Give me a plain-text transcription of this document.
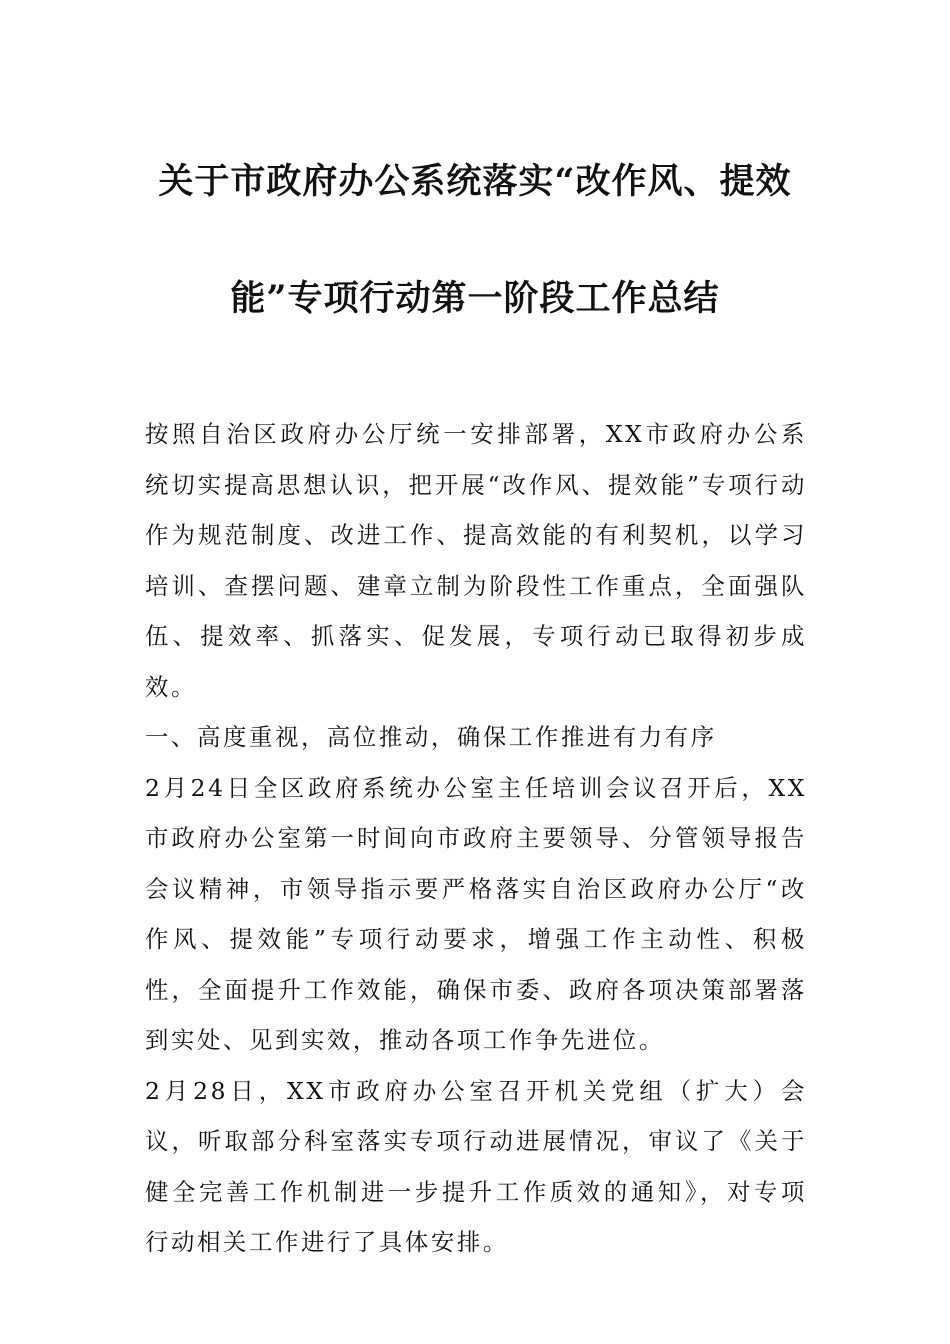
关于市政府办公系统落实“改作风、提效
能”专项行动第一阶段工作总结

按照自治区政府办公厅统一安排部署，XX市政府办公系统切实提高思想认识，把开展“改作风、提效能”专项行动作为规范制度、改进工作、提高效能的有利契机，以学习培训、查摆问题、建章立制为阶段性工作重点，全面强队伍、提效率、抓落实、促发展，专项行动已取得初步成效。

一、高度重视，高位推动，确保工作推进有力有序

2月24日全区政府系统办公室主任培训会议召开后，XX市政府办公室第一时间向市政府主要领导、分管领导报告会议精神，市领导指示要严格落实自治区政府办公厅“改作风、提效能”专项行动要求，增强工作主动性、积极性，全面提升工作效能，确保市委、政府各项决策部署落到实处、见到实效，推动各项工作争先进位。

2月28日，XX市政府办公室召开机关党组（扩大）会议，听取部分科室落实专项行动进展情况，审议了《关于健全完善工作机制进一步提升工作质效的通知》，对专项行动相关工作进行了具体安排。
